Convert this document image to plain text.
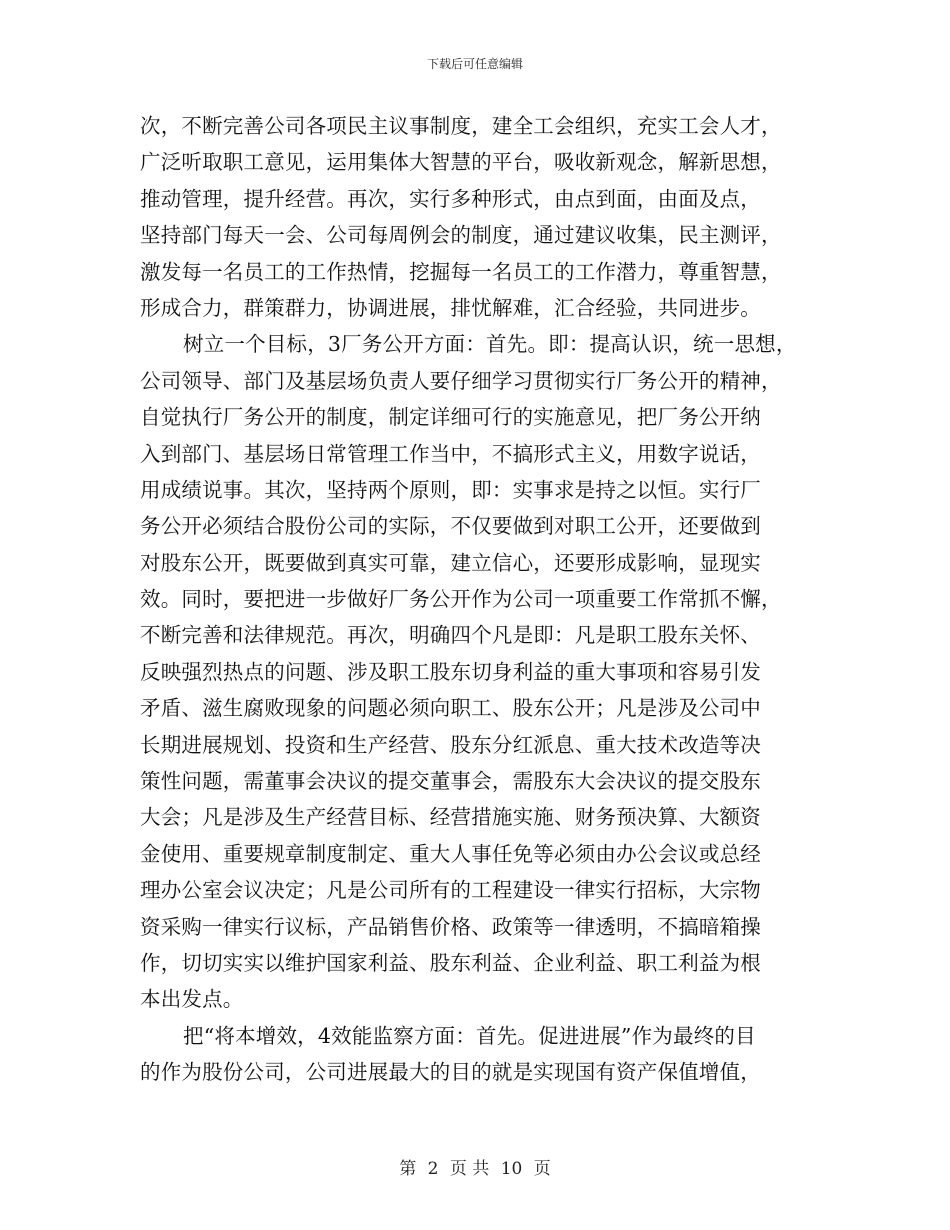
下载后可任意编辑
次，不断完善公司各项民主议事制度，建全工会组织，充实工会人才，
广泛听取职工意见，运用集体大智慧的平台，吸收新观念，解新思想，
推动管理，提升经营。再次，实行多种形式，由点到面，由面及点，
坚持部门每天一会、公司每周例会的制度，通过建议收集，民主测评，
激发每一名员工的工作热情，挖掘每一名员工的工作潜力，尊重智慧，
形成合力，群策群力，协调进展，排忧解难，汇合经验，共同进步。
树立一个目标，3厂务公开方面：首先。即：提高认识，统一思想，
公司领导、部门及基层场负责人要仔细学习贯彻实行厂务公开的精神，
自觉执行厂务公开的制度，制定详细可行的实施意见，把厂务公开纳
入到部门、基层场日常管理工作当中，不搞形式主义，用数字说话，
用成绩说事。其次，坚持两个原则，即：实事求是持之以恒。实行厂
务公开必须结合股份公司的实际，不仅要做到对职工公开，还要做到
对股东公开，既要做到真实可靠，建立信心，还要形成影响，显现实
效。同时，要把进一步做好厂务公开作为公司一项重要工作常抓不懈，
不断完善和法律规范。再次，明确四个凡是即：凡是职工股东关怀、
反映强烈热点的问题、涉及职工股东切身利益的重大事项和容易引发
矛盾、滋生腐败现象的问题必须向职工、股东公开；凡是涉及公司中
长期进展规划、投资和生产经营、股东分红派息、重大技术改造等决
策性问题，需董事会决议的提交董事会，需股东大会决议的提交股东
大会；凡是涉及生产经营目标、经营措施实施、财务预决算、大额资
金使用、重要规章制度制定、重大人事任免等必须由办公会议或总经
理办公室会议决定；凡是公司所有的工程建设一律实行招标，大宗物
资采购一律实行议标，产品销售价格、政策等一律透明，不搞暗箱操
作，切切实实以维护国家利益、股东利益、企业利益、职工利益为根
本出发点。
把“将本增效，4效能监察方面：首先。促进进展”作为最终的目
的作为股份公司，公司进展最大的目的就是实现国有资产保值增值，
第 2 页 共 10 页
